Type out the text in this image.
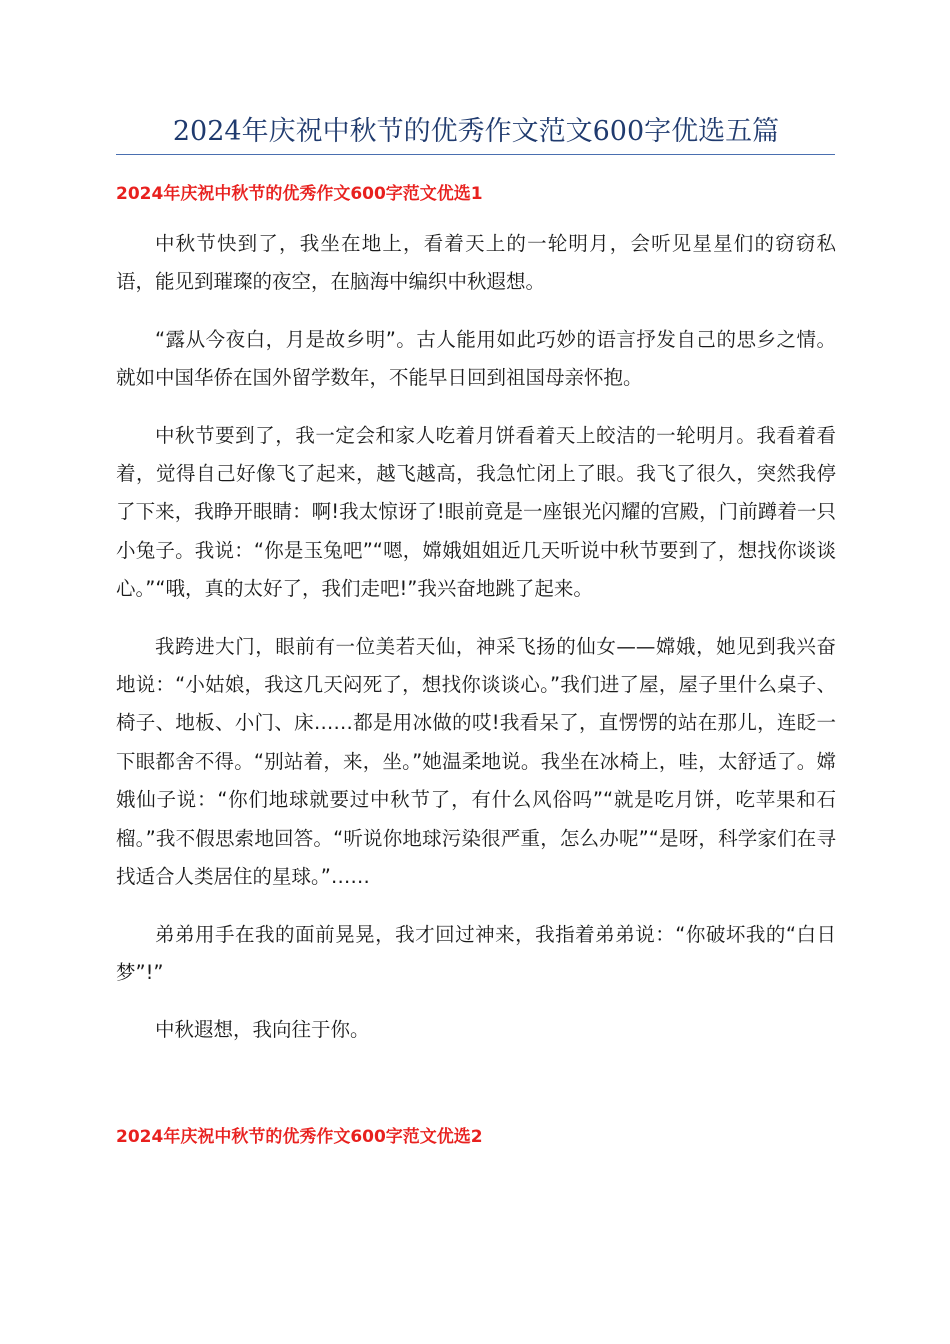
2024年庆祝中秋节的优秀作文范文600字优选五篇
2024年庆祝中秋节的优秀作文600字范文优选1

中秋节快到了，我坐在地上，看着天上的一轮明月，会听见星星们的窃窃私语，能见到璀璨的夜空，在脑海中编织中秋遐想。

“露从今夜白，月是故乡明”。古人能用如此巧妙的语言抒发自己的思乡之情。就如中国华侨在国外留学数年，不能早日回到祖国母亲怀抱。

中秋节要到了，我一定会和家人吃着月饼看着天上皎洁的一轮明月。我看着看着，觉得自己好像飞了起来，越飞越高，我急忙闭上了眼。我飞了很久，突然我停了下来，我睁开眼睛：啊!我太惊讶了!眼前竟是一座银光闪耀的宫殿，门前蹲着一只小兔子。我说：“你是玉兔吧”“嗯，嫦娥姐姐近几天听说中秋节要到了，想找你谈谈心。”“哦，真的太好了，我们走吧!”我兴奋地跳了起来。

我跨进大门，眼前有一位美若天仙，神采飞扬的仙女——嫦娥，她见到我兴奋地说：“小姑娘，我这几天闷死了，想找你谈谈心。”我们进了屋，屋子里什么桌子、椅子、地板、小门、床……都是用冰做的哎!我看呆了，直愣愣的站在那儿，连眨一下眼都舍不得。“别站着，来，坐。”她温柔地说。我坐在冰椅上，哇，太舒适了。嫦娥仙子说：“你们地球就要过中秋节了，有什么风俗吗”“就是吃月饼，吃苹果和石榴。”我不假思索地回答。“听说你地球污染很严重，怎么办呢”“是呀，科学家们在寻找适合人类居住的星球。”……

弟弟用手在我的面前晃晃，我才回过神来，我指着弟弟说：“你破坏我的“白日梦”!”

中秋遐想，我向往于你。

2024年庆祝中秋节的优秀作文600字范文优选2
